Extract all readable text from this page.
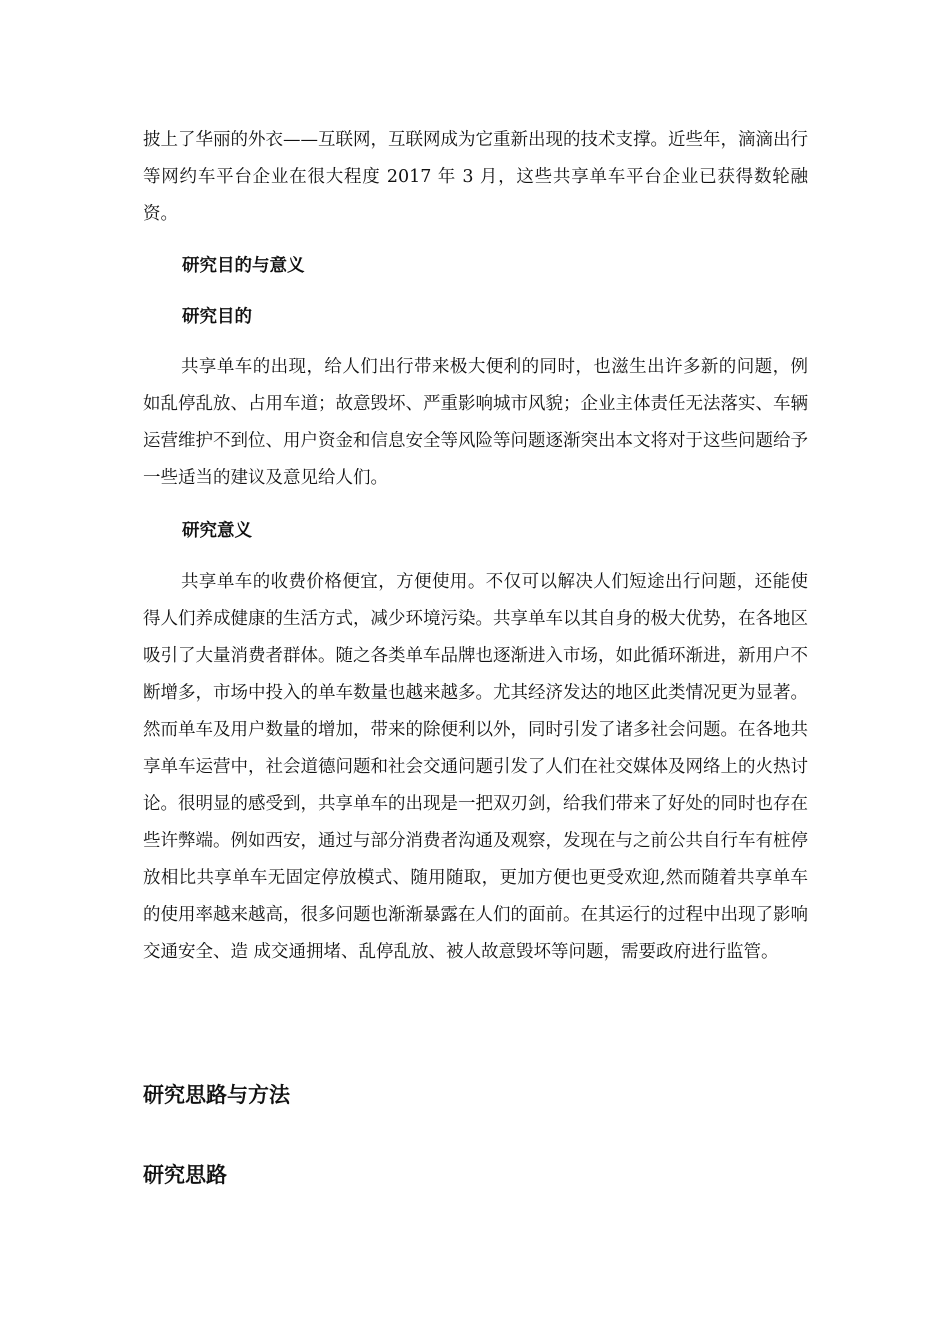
披上了华丽的外衣——互联网，互联网成为它重新出现的技术支撑。近些年，滴滴出行等网约车平台企业在很大程度 2017 年 3 月，这些共享单车平台企业已获得数轮融资。

研究目的与意义
研究目的

共享单车的出现，给人们出行带来极大便利的同时，也滋生出许多新的问题，例如乱停乱放、占用车道；故意毁坏、严重影响城市风貌；企业主体责任无法落实、车辆运营维护不到位、用户资金和信息安全等风险等问题逐渐突出本文将对于这些问题给予一些适当的建议及意见给人们。

研究意义

共享单车的收费价格便宜，方便使用。不仅可以解决人们短途出行问题，还能使得人们养成健康的生活方式，减少环境污染。共享单车以其自身的极大优势，在各地区吸引了大量消费者群体。随之各类单车品牌也逐渐进入市场，如此循环渐进，新用户不断增多，市场中投入的单车数量也越来越多。尤其经济发达的地区此类情况更为显著。然而单车及用户数量的增加，带来的除便利以外，同时引发了诸多社会问题。在各地共享单车运营中，社会道德问题和社会交通问题引发了人们在社交媒体及网络上的火热讨论。很明显的感受到，共享单车的出现是一把双刃剑，给我们带来了好处的同时也存在些许弊端。例如西安，通过与部分消费者沟通及观察，发现在与之前公共自行车有桩停放相比共享单车无固定停放模式、随用随取，更加方便也更受欢迎,然而随着共享单车的使用率越来越高，很多问题也渐渐暴露在人们的面前。在其运行的过程中出现了影响交通安全、造 成交通拥堵、乱停乱放、被人故意毁坏等问题，需要政府进行监管。

研究思路与方法
研究思路
